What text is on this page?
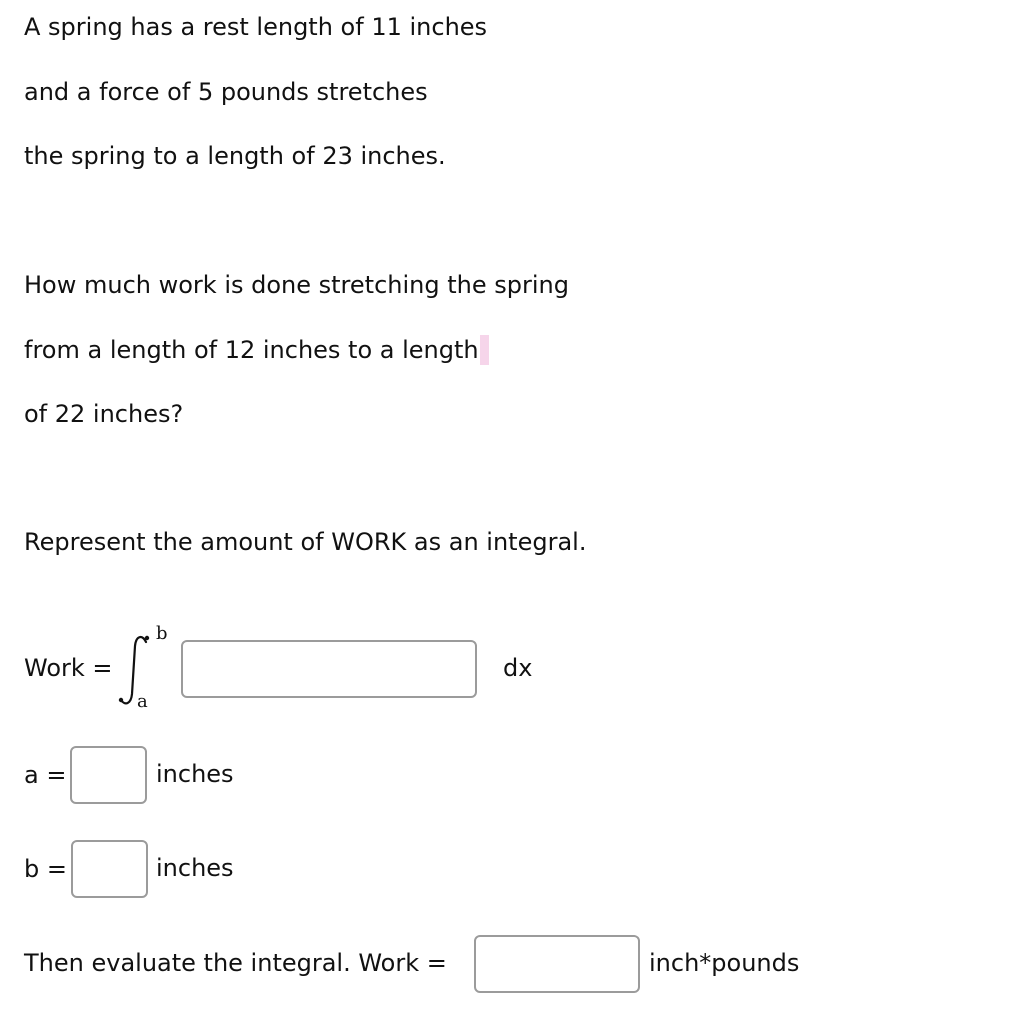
A spring has a rest length of 11 inches
and a force of 5 pounds stretches
the spring to a length of 23 inches.
How much work is done stretching the spring
from a length of 12 inches to a length
of 22 inches?
Represent the amount of WORK as an integral.
Work =
b
a
dx
a =	inches
b =	inches
Then evaluate the integral. Work =	inch*pounds
